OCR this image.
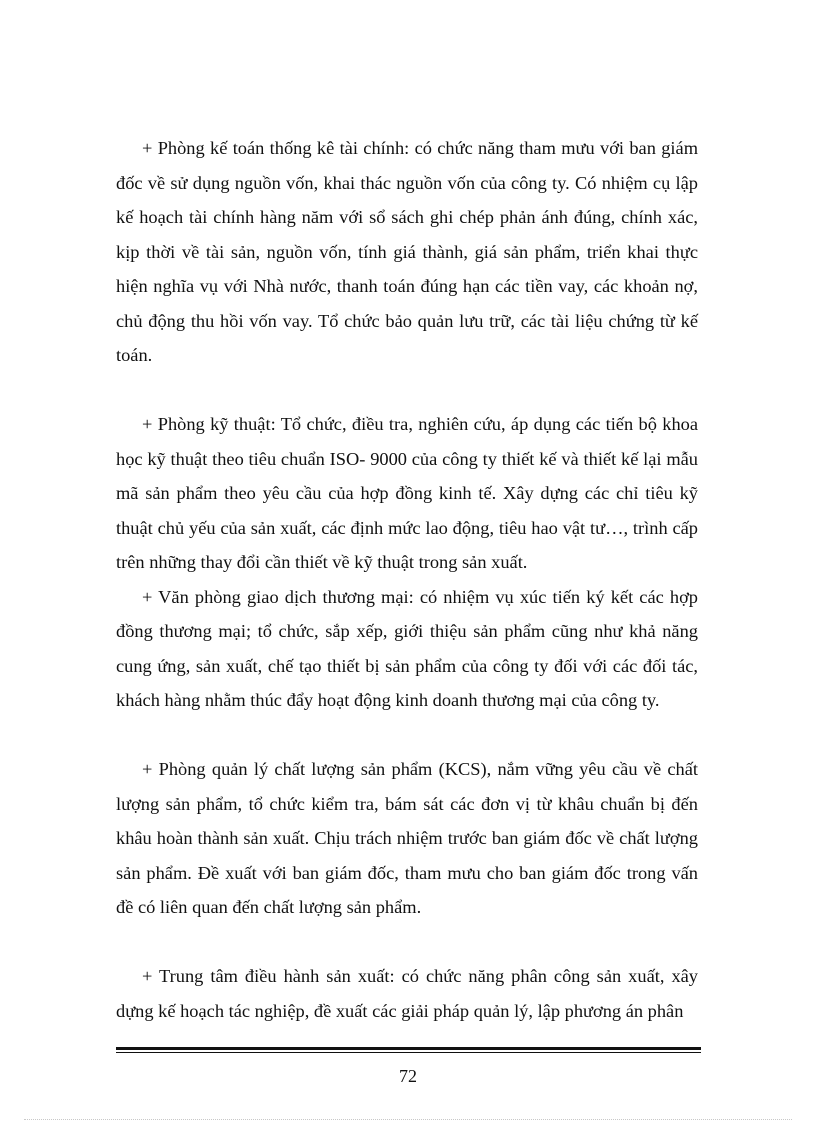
+ Phòng kế toán thống kê tài chính: có chức năng tham mưu với ban giám đốc về sử dụng nguồn vốn, khai thác nguồn vốn của công ty. Có nhiệm cụ lập kế hoạch tài chính hàng năm với sổ sách ghi chép phản ánh đúng, chính xác, kịp thời về tài sản, nguồn vốn, tính giá thành, giá sản phẩm, triển khai thực hiện nghĩa vụ với Nhà nước, thanh toán đúng hạn các tiền vay, các khoản nợ, chủ động thu hồi vốn vay. Tổ chức bảo quản lưu trữ, các tài liệu chứng từ kế toán.

+ Phòng kỹ thuật: Tổ chức, điều tra, nghiên cứu, áp dụng các tiến bộ khoa học kỹ thuật theo tiêu chuẩn ISO- 9000 của công ty thiết kế và thiết kế lại mẫu mã sản phẩm theo yêu cầu của hợp đồng kinh tế. Xây dựng các chỉ tiêu kỹ thuật chủ yếu của sản xuất, các định mức lao động, tiêu hao vật tư…, trình cấp trên những thay đổi cần thiết về kỹ thuật trong sản xuất.

+ Văn phòng giao dịch thương mại: có nhiệm vụ xúc tiến ký kết các hợp đồng thương mại; tổ chức, sắp xếp, giới thiệu sản phẩm cũng như khả năng cung ứng, sản xuất, chế tạo thiết bị sản phẩm của công ty đối với các đối tác, khách hàng nhằm thúc đẩy hoạt động kinh doanh thương mại của công ty.

+ Phòng quản lý chất lượng sản phẩm (KCS), nắm vững yêu cầu về chất lượng sản phẩm, tổ chức kiểm tra, bám sát các đơn vị từ khâu chuẩn bị đến khâu hoàn thành sản xuất. Chịu trách nhiệm trước ban giám đốc về chất lượng sản phẩm. Đề xuất với ban giám đốc, tham mưu cho ban giám đốc trong vấn đề có liên quan đến chất lượng sản phẩm.

+ Trung tâm điều hành sản xuất: có chức năng phân công sản xuất, xây dựng kế hoạch tác nghiệp, đề xuất các giải pháp quản lý, lập phương án phân

72
